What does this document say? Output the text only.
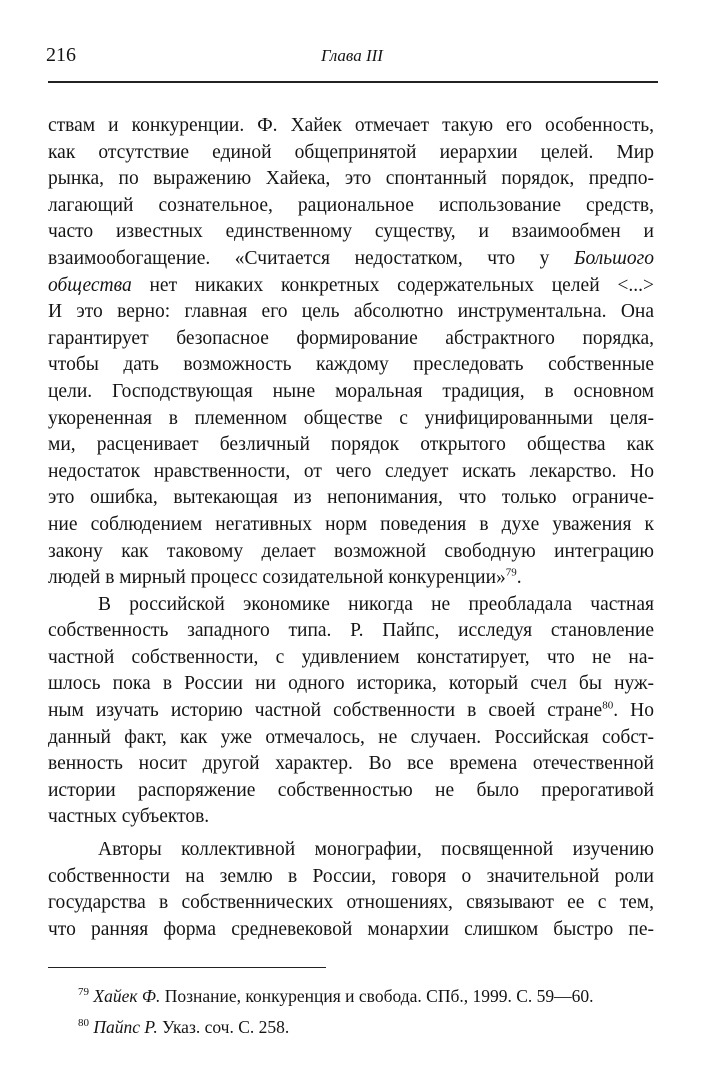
216	Глава III
ствам и конкуренции. Ф. Хайек отмечает такую его особенность,
как отсутствие единой общепринятой иерархии целей. Мир
рынка, по выражению Хайека, это спонтанный порядок, предпо-
лагающий сознательное, рациональное использование средств,
часто известных единственному существу, и взаимообмен и
взаимообогащение. «Считается недостатком, что у Большого
общества нет никаких конкретных содержательных целей <...>
И это верно: главная его цель абсолютно инструментальна. Она
гарантирует безопасное формирование абстрактного порядка,
чтобы дать возможность каждому преследовать собственные
цели. Господствующая ныне моральная традиция, в основном
укорененная в племенном обществе с унифицированными целя-
ми, расценивает безличный порядок открытого общества как
недостаток нравственности, от чего следует искать лекарство. Но
это ошибка, вытекающая из непонимания, что только ограниче-
ние соблюдением негативных норм поведения в духе уважения к
закону как таковому делает возможной свободную интеграцию
людей в мирный процесс созидательной конкуренции»$^{79}$.
В российской экономике никогда не преобладала частная
собственность западного типа. Р. Пайпс, исследуя становление
частной собственности, с удивлением констатирует, что не на-
шлось пока в России ни одного историка, который счел бы нуж-
ным изучать историю частной собственности в своей стране$^{80}$. Но
данный факт, как уже отмечалось, не случаен. Российская собст-
венность носит другой характер. Во все времена отечественной
истории распоряжение собственностью не было прерогативой
частных субъектов.
Авторы коллективной монографии, посвященной изучению
собственности на землю в России, говоря о значительной роли
государства в собственнических отношениях, связывают ее с тем,
что ранняя форма средневековой монархии слишком быстро пе-
$^{79}$ Хайек Ф. Познание, конкуренция и свобода. СПб., 1999. С. 59—60.
$^{80}$ Пайпс Р. Указ. соч. С. 258.
